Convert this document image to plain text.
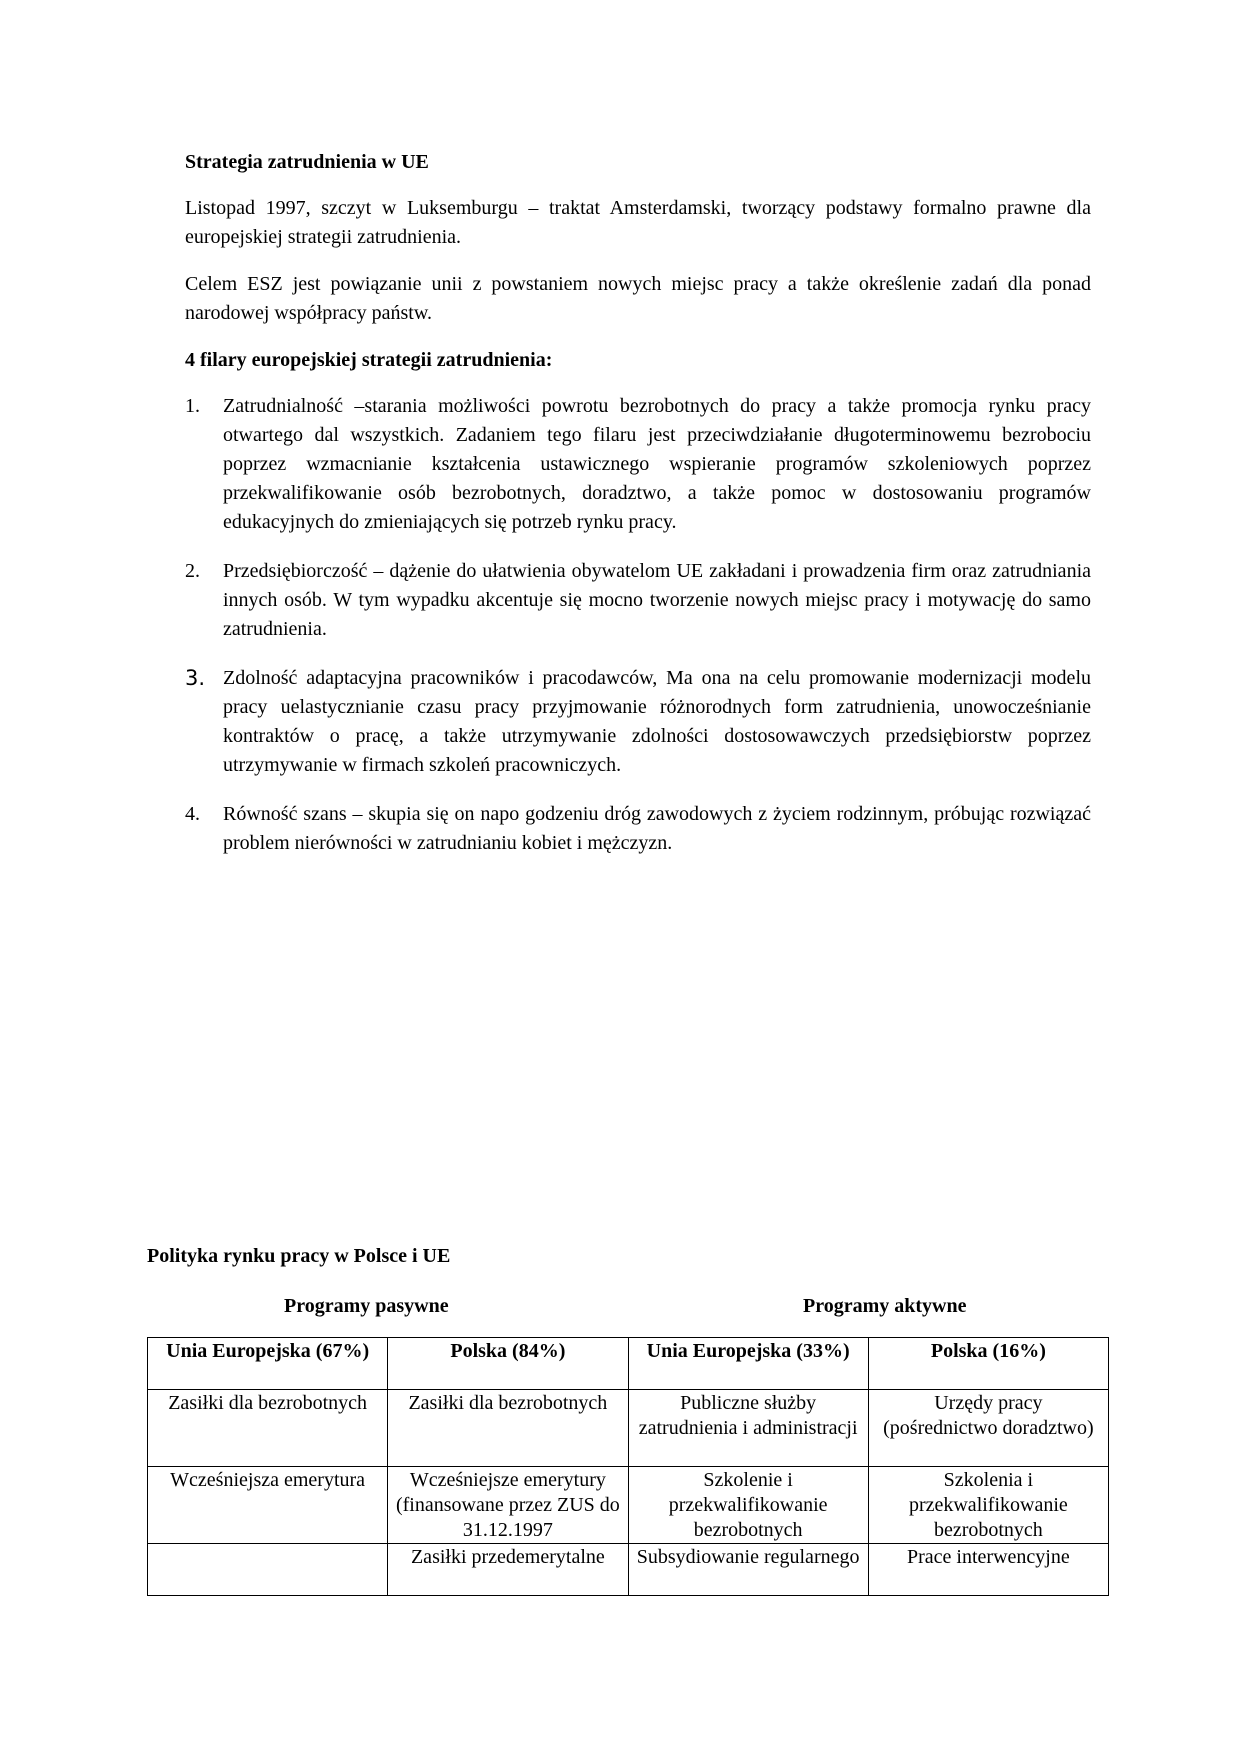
Strategia zatrudnienia w UE

Listopad 1997, szczyt w Luksemburgu – traktat Amsterdamski, tworzący podstawy formalno prawne dla europejskiej strategii zatrudnienia.

Celem ESZ jest powiązanie unii z powstaniem nowych miejsc pracy a także określenie zadań dla ponad narodowej współpracy państw.

4 filary europejskiej strategii zatrudnienia:
1. Zatrudnialność –starania możliwości powrotu bezrobotnych do pracy a także promocja rynku pracy otwartego dal wszystkich. Zadaniem tego filaru jest przeciwdziałanie długoterminowemu bezrobociu poprzez wzmacnianie kształcenia ustawicznego wspieranie programów szkoleniowych poprzez przekwalifikowanie osób bezrobotnych, doradztwo, a także pomoc w dostosowaniu programów edukacyjnych do zmieniających się potrzeb rynku pracy.
2. Przedsiębiorczość – dążenie do ułatwienia obywatelom UE zakładani i prowadzenia firm oraz zatrudniania innych osób. W tym wypadku akcentuje się mocno tworzenie nowych miejsc pracy i motywację do samo zatrudnienia.
3. Zdolność adaptacyjna pracowników i pracodawców, Ma ona na celu promowanie modernizacji modelu pracy uelastycznianie czasu pracy przyjmowanie różnorodnych form zatrudnienia, unowocześnianie kontraktów o pracę, a także utrzymywanie zdolności dostosowawczych przedsiębiorstw poprzez utrzymywanie w firmach szkoleń pracowniczych.
4. Równość szans – skupia się on napo godzeniu dróg zawodowych z życiem rodzinnym, próbując rozwiązać problem nierówności w zatrudnianiu kobiet i mężczyzn.
Polityka rynku pracy w Polsce i UE
Programy pasywne	Programy aktywne
Unia Europejska (67%)	Polska (84%)	Unia Europejska (33%)	Polska (16%)
Zasiłki dla bezrobotnych	Zasiłki dla bezrobotnych	Publiczne służby zatrudnienia i administracji	Urzędy pracy (pośrednictwo doradztwo)
Wcześniejsza emerytura	Wcześniejsze emerytury (finansowane przez ZUS do 31.12.1997	Szkolenie i przekwalifikowanie bezrobotnych	Szkolenia i przekwalifikowanie bezrobotnych
	Zasiłki przedemerytalne	Subsydiowanie regularnego	Prace interwencyjne
